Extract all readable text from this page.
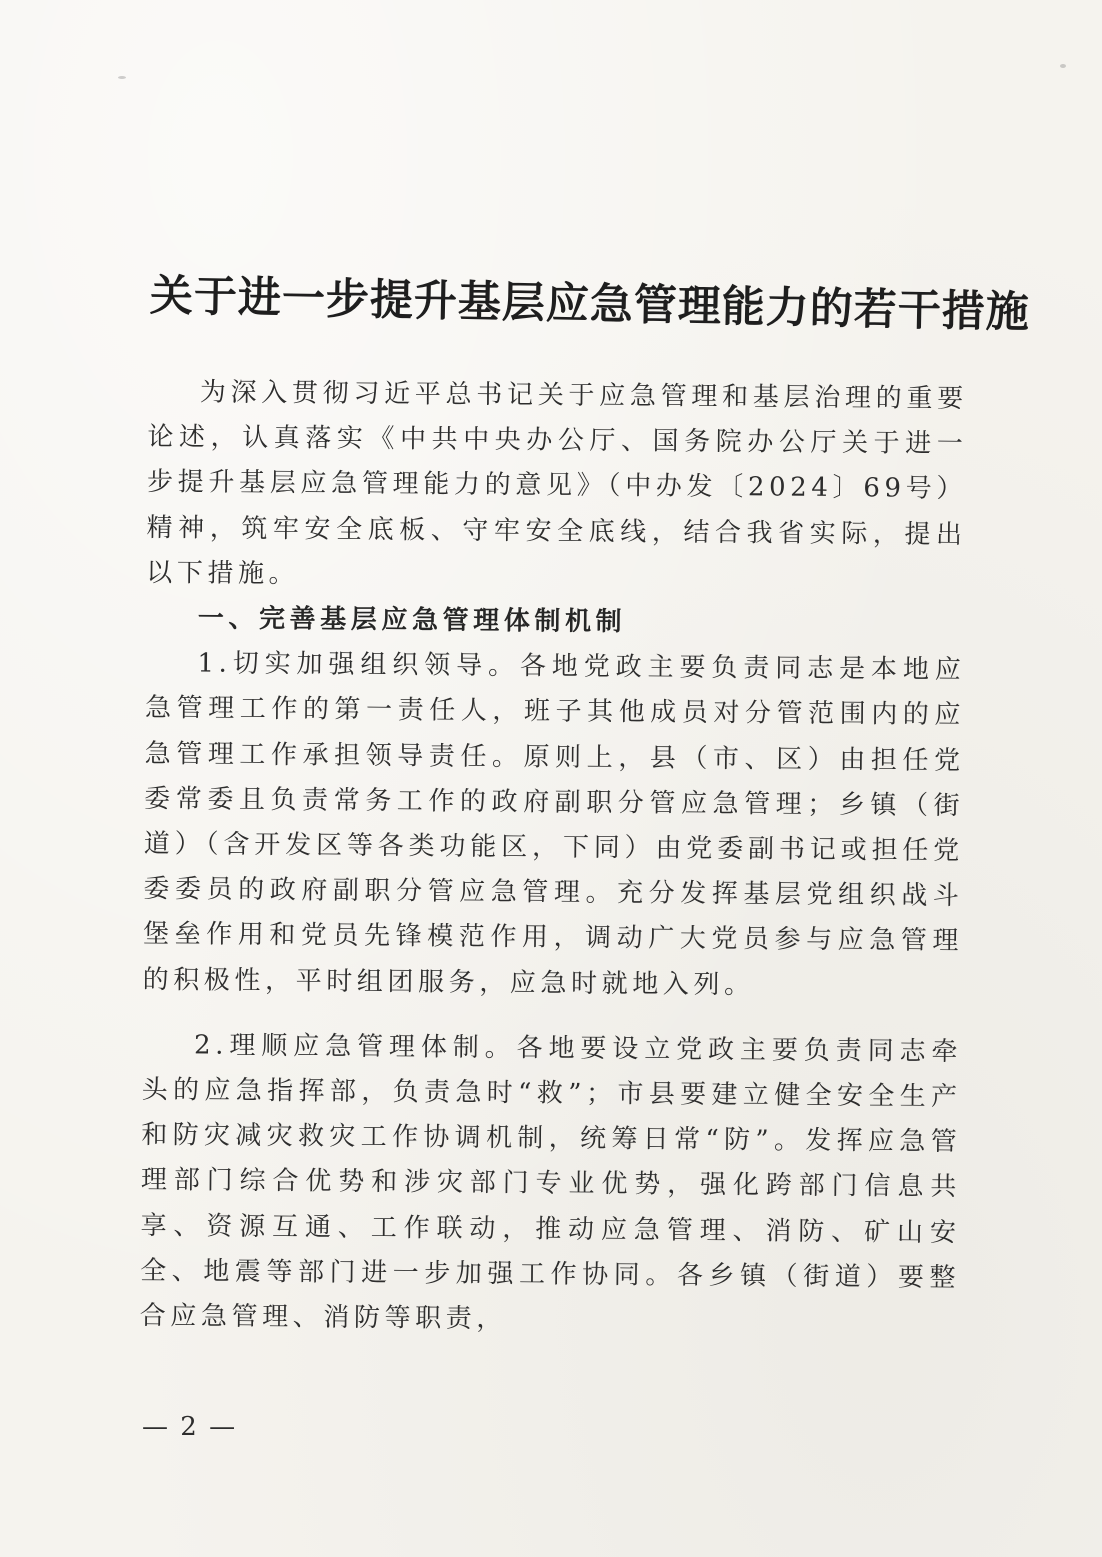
关于进一步提升基层应急管理能力的若干措施

为深入贯彻习近平总书记关于应急管理和基层治理的重要论述，认真落实《中共中央办公厅、国务院办公厅关于进一步提升基层应急管理能力的意见》（中办发〔2024〕69号）精神，筑牢安全底板、守牢安全底线，结合我省实际，提出以下措施。

一、完善基层应急管理体制机制

1.切实加强组织领导。各地党政主要负责同志是本地应急管理工作的第一责任人，班子其他成员对分管范围内的应急管理工作承担领导责任。原则上，县（市、区）由担任党委常委且负责常务工作的政府副职分管应急管理；乡镇（街道）（含开发区等各类功能区，下同）由党委副书记或担任党委委员的政府副职分管应急管理。充分发挥基层党组织战斗堡垒作用和党员先锋模范作用，调动广大党员参与应急管理的积极性，平时组团服务，应急时就地入列。

2.理顺应急管理体制。各地要设立党政主要负责同志牵头的应急指挥部，负责急时“救”；市县要建立健全安全生产和防灾减灾救灾工作协调机制，统筹日常“防”。发挥应急管理部门综合优势和涉灾部门专业优势，强化跨部门信息共享、资源互通、工作联动，推动应急管理、消防、矿山安全、地震等部门进一步加强工作协同。各乡镇（街道）要整合应急管理、消防等职责，

— 2 —
